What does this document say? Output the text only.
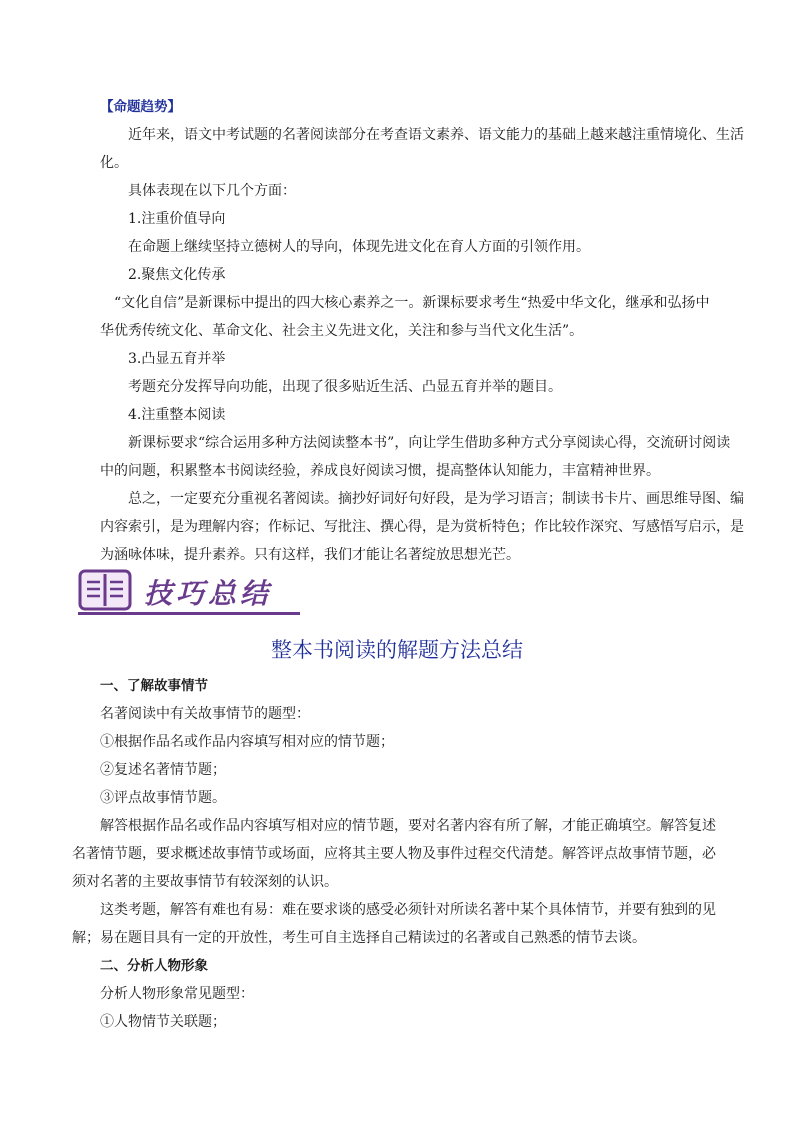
【命题趋势】
近年来，语文中考试题的名著阅读部分在考查语文素养、语文能力的基础上越来越注重情境化、生活
化。
具体表现在以下几个方面：
1.注重价值导向
在命题上继续坚持立德树人的导向，体现先进文化在育人方面的引领作用。
2.聚焦文化传承
“文化自信”是新课标中提出的四大核心素养之一。新课标要求考生“热爱中华文化，继承和弘扬中
华优秀传统文化、革命文化、社会主义先进文化，关注和参与当代文化生活”。
3.凸显五育并举
考题充分发挥导向功能，出现了很多贴近生活、凸显五育并举的题目。
4.注重整本阅读
新课标要求“综合运用多种方法阅读整本书”，向让学生借助多种方式分享阅读心得，交流研讨阅读
中的问题，积累整本书阅读经验，养成良好阅读习惯，提高整体认知能力，丰富精神世界。
总之，一定要充分重视名著阅读。摘抄好词好句好段，是为学习语言；制读书卡片、画思维导图、编
内容索引，是为理解内容；作标记、写批注、撰心得，是为赏析特色；作比较作深究、写感悟写启示，是
为涵咏体味，提升素养。只有这样，我们才能让名著绽放思想光芒。
技巧总结
整本书阅读的解题方法总结
一、了解故事情节
名著阅读中有关故事情节的题型：
①根据作品名或作品内容填写相对应的情节题；
②复述名著情节题；
③评点故事情节题。
解答根据作品名或作品内容填写相对应的情节题，要对名著内容有所了解，才能正确填空。解答复述
名著情节题，要求概述故事情节或场面，应将其主要人物及事件过程交代清楚。解答评点故事情节题，必
须对名著的主要故事情节有较深刻的认识。
这类考题，解答有难也有易：难在要求谈的感受必须针对所读名著中某个具体情节，并要有独到的见
解；易在题目具有一定的开放性，考生可自主选择自己精读过的名著或自己熟悉的情节去谈。
二、分析人物形象
分析人物形象常见题型：
①人物情节关联题；
